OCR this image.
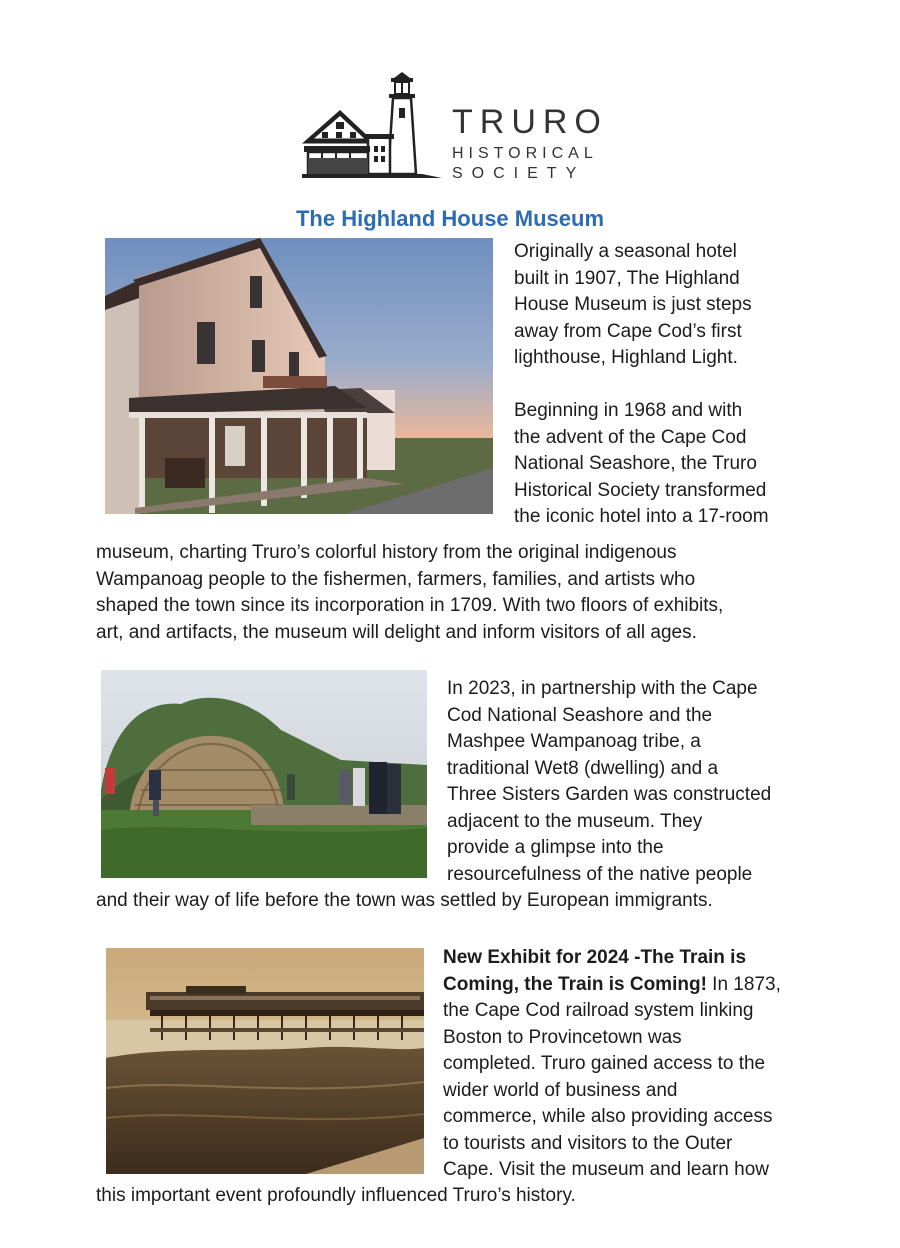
TRURO
HISTORICAL
SOCIETY
The Highland House Museum
Originally a seasonal hotel
built in 1907, The Highland
House Museum is just steps
away from Cape Cod’s first
lighthouse, Highland Light.

Beginning in 1968 and with
the advent of the Cape Cod
National Seashore, the Truro
Historical Society transformed
the iconic hotel into a 17-room
museum, charting Truro’s colorful history from the original indigenous
Wampanoag people to the fishermen, farmers, families, and artists who
shaped the town since its incorporation in 1709. With two floors of exhibits,
art, and artifacts, the museum will delight and inform visitors of all ages.
In 2023, in partnership with the Cape
Cod National Seashore and the
Mashpee Wampanoag tribe, a
traditional Wet8 (dwelling) and a
Three Sisters Garden was constructed
adjacent to the museum. They
provide a glimpse into the
resourcefulness of the native people
and their way of life before the town was settled by European immigrants.
New Exhibit for 2024 -The Train is
Coming, the Train is Coming! In 1873,
the Cape Cod railroad system linking
Boston to Provincetown was
completed. Truro gained access to the
wider world of business and
commerce, while also providing access
to tourists and visitors to the Outer
Cape. Visit the museum and learn how
this important event profoundly influenced Truro’s history.
